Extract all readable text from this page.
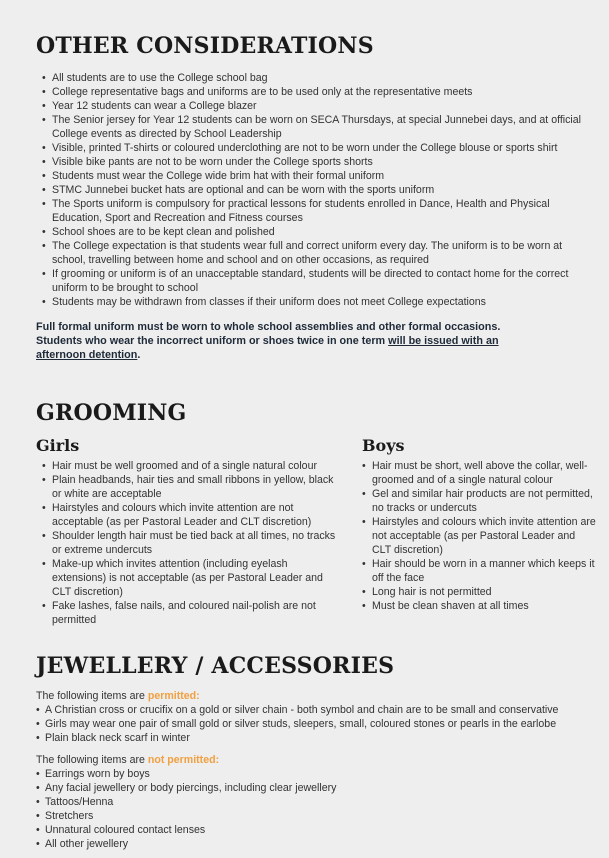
OTHER CONSIDERATIONS
• All students are to use the College school bag
• College representative bags and uniforms are to be used only at the representative meets
• Year 12 students can wear a College blazer
• The Senior jersey for Year 12 students can be worn on SECA Thursdays, at special Junnebei days, and at official College events as directed by School Leadership
• Visible, printed T-shirts or coloured underclothing are not to be worn under the College blouse or sports shirt
• Visible bike pants are not to be worn under the College sports shorts
• Students must wear the College wide brim hat with their formal uniform
• STMC Junnebei bucket hats are optional and can be worn with the sports uniform
• The Sports uniform is compulsory for practical lessons for students enrolled in Dance, Health and Physical Education, Sport and Recreation and Fitness courses
• School shoes are to be kept clean and polished
• The College expectation is that students wear full and correct uniform every day. The uniform is to be worn at school, travelling between home and school and on other occasions, as required
• If grooming or uniform is of an unacceptable standard, students will be directed to contact home for the correct uniform to be brought to school
• Students may be withdrawn from classes if their uniform does not meet College expectations
Full formal uniform must be worn to whole school assemblies and other formal occasions.
Students who wear the incorrect uniform or shoes twice in one term will be issued with an
afternoon detention.
GROOMING
Girls
• Hair must be well groomed and of a single natural colour
• Plain headbands, hair ties and small ribbons in yellow, black or white are acceptable
• Hairstyles and colours which invite attention are not acceptable (as per Pastoral Leader and CLT discretion)
• Shoulder length hair must be tied back at all times, no tracks or extreme undercuts
• Make-up which invites attention (including eyelash extensions) is not acceptable (as per Pastoral Leader and CLT discretion)
• Fake lashes, false nails, and coloured nail-polish are not permitted
Boys
• Hair must be short, well above the collar, well-groomed and of a single natural colour
• Gel and similar hair products are not permitted, no tracks or undercuts
• Hairstyles and colours which invite attention are not acceptable (as per Pastoral Leader and CLT discretion)
• Hair should be worn in a manner which keeps it off the face
• Long hair is not permitted
• Must be clean shaven at all times
JEWELLERY / ACCESSORIES
The following items are permitted:
• A Christian cross or crucifix on a gold or silver chain - both symbol and chain are to be small and conservative
• Girls may wear one pair of small gold or silver studs, sleepers, small, coloured stones or pearls in the earlobe
• Plain black neck scarf in winter
The following items are not permitted:
• Earrings worn by boys
• Any facial jewellery or body piercings, including clear jewellery
• Tattoos/Henna
• Stretchers
• Unnatural coloured contact lenses
• All other jewellery
